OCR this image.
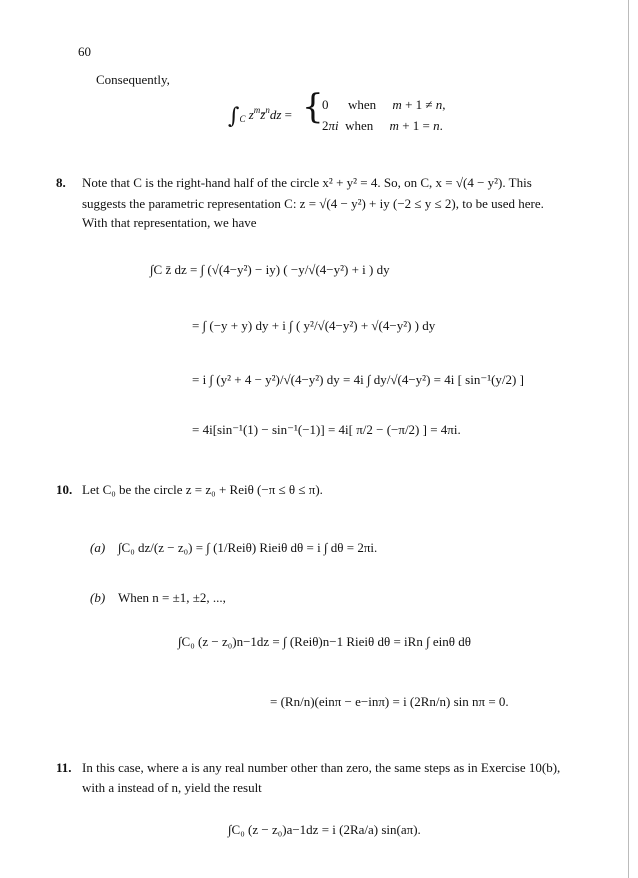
60
Consequently,
$\int_C$ $z^mz̄^ndz$ = {
0      when     m + 1 ≠ n,
2πi  when     m + 1 = n.
8. Note that C is the right-hand half of the circle x² + y² = 4. So, on C, x = √(4 − y²). This
suggests the parametric representation C: z = √(4 − y²) + iy (−2 ≤ y ≤ 2), to be used here.
With that representation, we have
∫C z̄ dz = ∫ (√(4−y²) − iy) ( −y/√(4−y²) + i ) dy
= ∫ (−y + y) dy + i ∫ ( y²/√(4−y²) + √(4−y²) ) dy
= i ∫ (y² + 4 − y²)/√(4−y²) dy = 4i ∫ dy/√(4−y²) = 4i [ sin⁻¹(y/2) ]
= 4i[sin⁻¹(1) − sin⁻¹(−1)] = 4i[ π/2 − (−π/2) ] = 4πi.
10. Let C₀ be the circle z = z₀ + Reiθ (−π ≤ θ ≤ π).
(a) ∫C₀ dz/(z − z₀) = ∫ (1/Reiθ) Rieiθ dθ = i ∫ dθ = 2πi.
(b) When n = ±1, ±2, ...,
∫C₀ (z − z₀)n−1dz = ∫ (Reiθ)n−1 Rieiθ dθ = iRn ∫ einθ dθ
= (Rn/n)(einπ − e−inπ) = i (2Rn/n) sin nπ = 0.
11. In this case, where a is any real number other than zero, the same steps as in Exercise 10(b),
with a instead of n, yield the result
∫C₀ (z − z₀)a−1dz = i (2Ra/a) sin(aπ).
